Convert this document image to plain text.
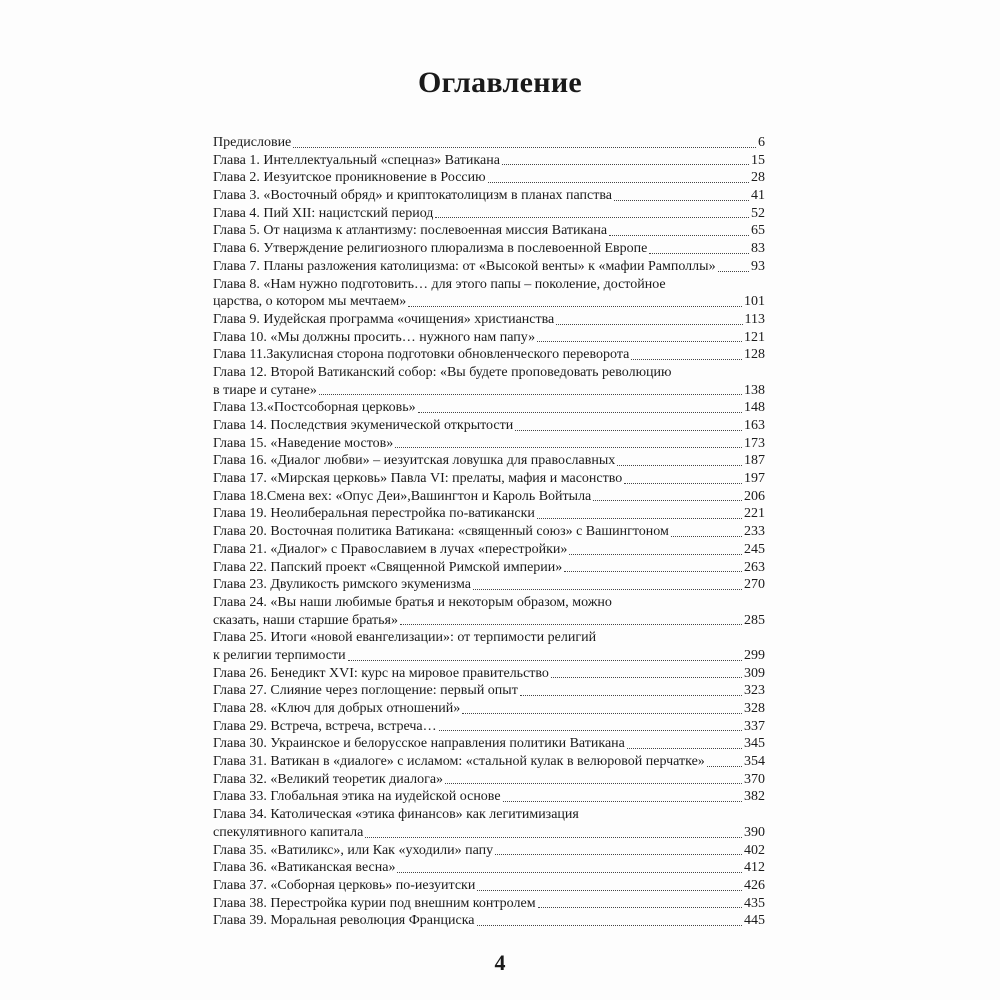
Оглавление
Предисловие	6
Глава 1. Интеллектуальный «спецназ» Ватикана	15
Глава 2. Иезуитское проникновение в Россию	28
Глава 3. «Восточный обряд» и криптокатолицизм в планах папства	41
Глава 4. Пий XII: нацистский период	52
Глава 5. От нацизма к атлантизму: послевоенная миссия Ватикана	65
Глава 6. Утверждение религиозного плюрализма в послевоенной Европе	83
Глава 7. Планы разложения католицизма: от «Высокой венты» к «мафии Рамполлы»	93
Глава 8. «Нам нужно подготовить… для этого папы – поколение, достойное
царства, о котором мы мечтаем»	101
Глава 9. Иудейская программа «очищения» христианства	113
Глава 10. «Мы должны просить… нужного нам папу»	121
Глава 11.Закулисная сторона подготовки обновленческого переворота	128
Глава 12. Второй Ватиканский собор: «Вы будете проповедовать революцию
в тиаре и сутане»	138
Глава 13.«Постсоборная церковь»	148
Глава 14. Последствия экуменической открытости	163
Глава 15. «Наведение мостов»	173
Глава 16. «Диалог любви» – иезуитская ловушка для православных	187
Глава 17. «Мирская церковь» Павла VI: прелаты, мафия и масонство	197
Глава 18.Смена вех: «Опус Деи»,Вашингтон и Кароль Войтыла	206
Глава 19. Неолиберальная перестройка по-ватикански	221
Глава 20. Восточная политика Ватикана: «священный союз» с Вашингтоном	233
Глава 21. «Диалог» с Православием в лучах «перестройки»	245
Глава 22. Папский проект «Священной Римской империи»	263
Глава 23. Двуликость римского экуменизма	270
Глава 24. «Вы наши любимые братья и некоторым образом, можно
сказать, наши старшие братья»	285
Глава 25. Итоги «новой евангелизации»: от терпимости религий
к религии терпимости	299
Глава 26. Бенедикт XVI: курс на мировое правительство	309
Глава 27. Слияние через поглощение: первый опыт	323
Глава 28. «Ключ для добрых отношений»	328
Глава 29. Встреча, встреча, встреча…	337
Глава 30. Украинское и белорусское направления политики Ватикана	345
Глава 31. Ватикан в «диалоге» с исламом: «стальной кулак в велюровой перчатке»	354
Глава 32. «Великий теоретик диалога»	370
Глава 33. Глобальная этика на иудейской основе	382
Глава 34. Католическая «этика финансов» как легитимизация
спекулятивного капитала	390
Глава 35. «Ватиликс», или Как «уходили» папу	402
Глава 36. «Ватиканская весна»	412
Глава 37. «Соборная церковь» по-иезуитски	426
Глава 38. Перестройка курии под внешним контролем	435
Глава 39. Моральная революция Франциска	445
4
